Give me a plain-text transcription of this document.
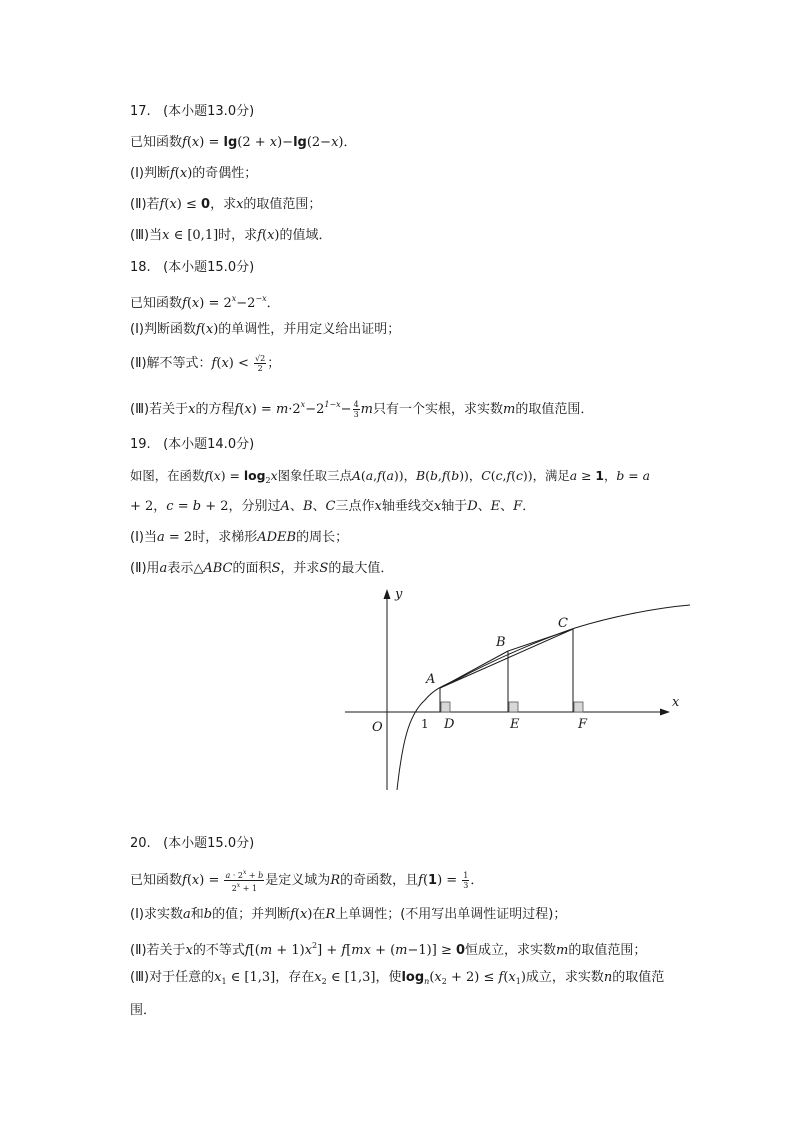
17.   (本小题13.0分)
已知函数f(x) = lg(2 + x)−lg(2−x)．
(Ⅰ)判断f(x)的奇偶性；
(Ⅱ)若f(x) ≤ 0，求x的取值范围；
(Ⅲ)当x ∈ [0,1]时，求f(x)的值域．
18.   (本小题15.0分)
已知函数$f(x) = 2^x-2^{-x}$．
(Ⅰ)判断函数f(x)的单调性，并用定义给出证明；
(Ⅱ)解不等式：$f(x) < \frac{√2}{2}$ ；
(Ⅲ)若关于x的方程$f(x) = m\cdot 2^x-2^{1-x}- \frac{4}{3}$ m只有一个实根，求实数m的取值范围．
19.   (本小题14.0分)
如图，在函数$f(x) = \log_2x$图象任取三点A(a,f(a))，B(b,f(b))，C(c,f(c))，满足a ≥ 1，b = a
+ 2，c = b + 2，分别过A、B、C三点作x轴垂线交x轴于D、E、F．
(Ⅰ)当a = 2时，求梯形ADEB的周长；
(Ⅱ)用a表示△ABC的面积S，并求S的最大值．
y
x
O	1
A
B
C
D	E	F
20.   (本小题15.0分)
已知函数$f(x) = \frac{a \cdot 2^x + b}{2^x + 1}$ 是定义域为R的奇函数，且$f(1) = \frac{1}{3}$ ．
(Ⅰ)求实数a和b的值；并判断f(x)在R上单调性；(不用写出单调性证明过程)；
(Ⅱ)若关于x的不等式$f[(m + 1)x^2] + f[mx + (m-1)] \ge 0$恒成立，求实数m的取值范围；
(Ⅲ)对于任意的$x_1$ ∈ [1,3]，存在$x_2$ ∈ [1,3]，使$\log_n(x_2 + 2) \le f(x_1)$成立，求实数n的取值范
围．
